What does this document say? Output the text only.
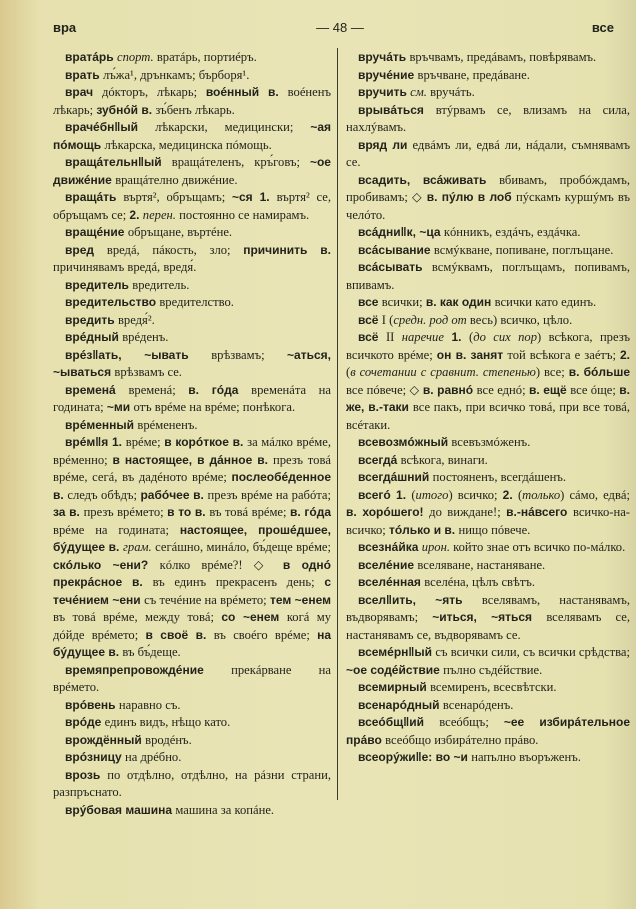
вра	— 48 —	все

вратáрь спорт. вратáрь, портиéръ.

врать лъ́жа¹, дрънкамъ; бърборя¹.

врач дóкторъ, лѣкарь; воéнный в. воéненъ лѣкарь; зубнóй в. зъ́бенъ лѣкарь.

врачéбн‖ый лѣкарски, медицински; ~ая пóмощь лѣкарска, медицинска пóмощь.

вращáтельн‖ый вращáтеленъ, кръ́говъ; ~ое движéние вращáтелно движéние.

вращáть въртя², обръщамъ; ~ся 1. въртя² се, обръщамъ се; 2. перен. постоянно се намирамъ.

вращéние обръщане, въртéне.

вред вредá, пáкость, зло; причинить в. причинявамъ вредá, вредя́.

вредитель вредитель.

вредительство вредителство.

вредить вредя́².

врéдный врéденъ.

врéз‖ать, ~ывать врѣзвамъ; ~аться, ~ываться врѣзвамъ се.

временá временá; в. гóда временáта на годината; ~ми отъ врéме на врéме; понѣкога.

врéменный врéмененъ.

врéм‖я 1. врéме; в корóткое в. за мáлко врéме, врéменно; в настоящее, в дáнное в. презъ товá врéме, сегá, въ дадéното врéме; послеобéденное в. следъ обѣдъ; рабóчее в. презъ врéме на рабóта; за в. презъ врéмето; в то в. въ товá врéме; в. гóда врéме на годината; настоящее, прошéдшее, бýдущее в. грам. сегáшно, минáло, бъ́деще врéме; скóлько ~ени? кóлко врéме?! ◇ в однó прекрáсное в. въ единъ прекрасенъ день; с течéнием ~ени съ течéние на врéмето; тем ~енем въ товá врéме, между товá; со ~енем когá му дóйде врéмето; в своё в. въ своéго врéме; на бýдущее в. въ бъ́деще.

времяпрепровождéние прекáрване на врéмето.

врóвень наравно съ.

врóде единъ видъ, нѣщо като.

врождённый вродéнъ.

врóзницу на дрéбно.

врозь по отдѣлно, отдѣлно, на рáзни страни, разпръснато.

врýбовая машина машина за копáне.

вручáть връчвамъ, предáвамъ, повѣрявамъ.

вручéние връчване, предáване.

вручить см. вручáть.

врывáться втýрвамъ се, влизамъ на сила, нахлýвамъ.

вряд ли едвáмъ ли, едвá ли, нáдали, съмнявамъ се.

всадить, всáживать вбивамъ, пробóждамъ, пробивамъ; ◇ в. пýлю в лоб пýскамъ куршýмъ въ челóто.

всáдни‖к, ~ца кóнникъ, ездáчъ, ездáчка.

всáсывание всмýкване, попиване, поглъщане.

всáсывать всмýквамъ, поглъщамъ, попивамъ, впивамъ.

все всички; в. как один всички като единъ.

всё I (средн. род от весь) всичко, цѣло.

всё II наречие 1. (до сих пор) всѣкога, презъ всичкото врéме; он в. занят той всѣкога е заéтъ; 2. (в сочетании с сравнит. степенью) все; в. бóльше все пóвече; ◇ в. равнó все еднó; в. ещё все óще; в. же, в.-таки все пакъ, при всичко товá, при все товá, всéтаки.

всевозмóжный всевъзмóженъ.

всегдá всѣкога, винаги.

всегдáшний постояненъ, всегдáшенъ.

всегó 1. (итого) всичко; 2. (только) сáмо, едвá; в. хорóшего! до виждане!; в.-нáвсего всичко-на-всичко; тóлько и в. нищо пóвече.

всезнáйка ирон. който знае отъ всичко по-мáлко.

вселéние вселяване, настаняване.

вселéнная вселéна, цѣлъ свѣтъ.

всел‖ить, ~ять вселявамъ, настанявамъ, въдворявамъ; ~иться, ~яться вселявамъ се, настанявамъ се, въдворявамъ се.

всемéрн‖ый съ всички сили, съ всички срѣдства; ~ое содéйствие пълно съдéйствие.

всемирный всемиренъ, всесвѣтски.

всенарóдный всенарóденъ.

всеóбщ‖ий всеóбщъ; ~ее избирáтельное прáво всеóбщо избирáтелно прáво.

всеорýжи‖е: во ~и напълно въоръженъ.
